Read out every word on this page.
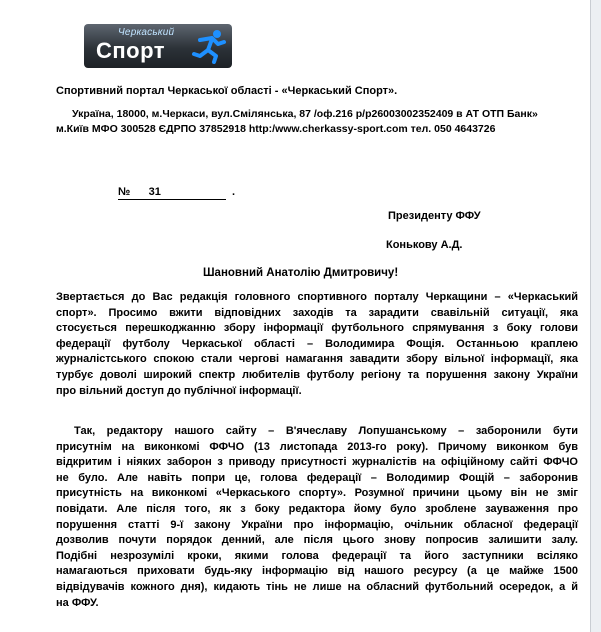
Черкаський
Спорт
Спортивний портал Черкаської області - «Черкаський Спорт».
Україна, 18000, м.Черкаси, вул.Смілянська, 87 /оф.216 р/р26003002352409 в АТ ОТП Банк»
м.Київ МФО 300528 ЄДРПО 37852918 http:/www.cherkassy-sport.com тел. 050 4643726
№      31	.
Президенту ФФУ
Конькову А.Д.
Шановний Анатолію Дмитровичу!
Звертається до Вас редакція головного спортивного порталу Черкащини – «Черкаський
спорт». Просимо вжити відповідних заходів та зарадити свавільній ситуації, яка
стосується перешкоджанню збору інформації футбольного спрямування з боку голови
федерації футболу Черкаської області – Володимира Фощія. Останньою краплею
журналістського спокою стали чергові намагання завадити збору вільної інформації, яка
турбує доволі широкий спектр любителів футболу регіону та порушення закону України
про вільний доступ до публічної інформації.
Так, редактору нашого сайту – В'ячеславу Лопушанському – заборонили бути
присутнім на виконкомі ФФЧО (13 листопада 2013-го року). Причому виконком був
відкритим і ніяких заборон з приводу присутності журналістів на офіційному сайті ФФЧО
не було. Але навіть попри це, голова федерації – Володимир Фощій – заборонив
присутність на виконкомі «Черкаського спорту». Розумної причини цьому він не зміг
повідати. Але після того, як з боку редактора йому було зроблене зауваження про
порушення статті 9-ї закону України про інформацію, очільник обласної федерації
дозволив почути порядок денний, але після цього знову попросив залишити залу.
Подібні незрозумілі кроки, якими голова федерації та його заступники всіляко
намагаються приховати будь-яку інформацію від нашого ресурсу (а це майже 1500
відвідувачів кожного дня), кидають тінь не лише на обласний футбольний осередок, а й
на ФФУ.
